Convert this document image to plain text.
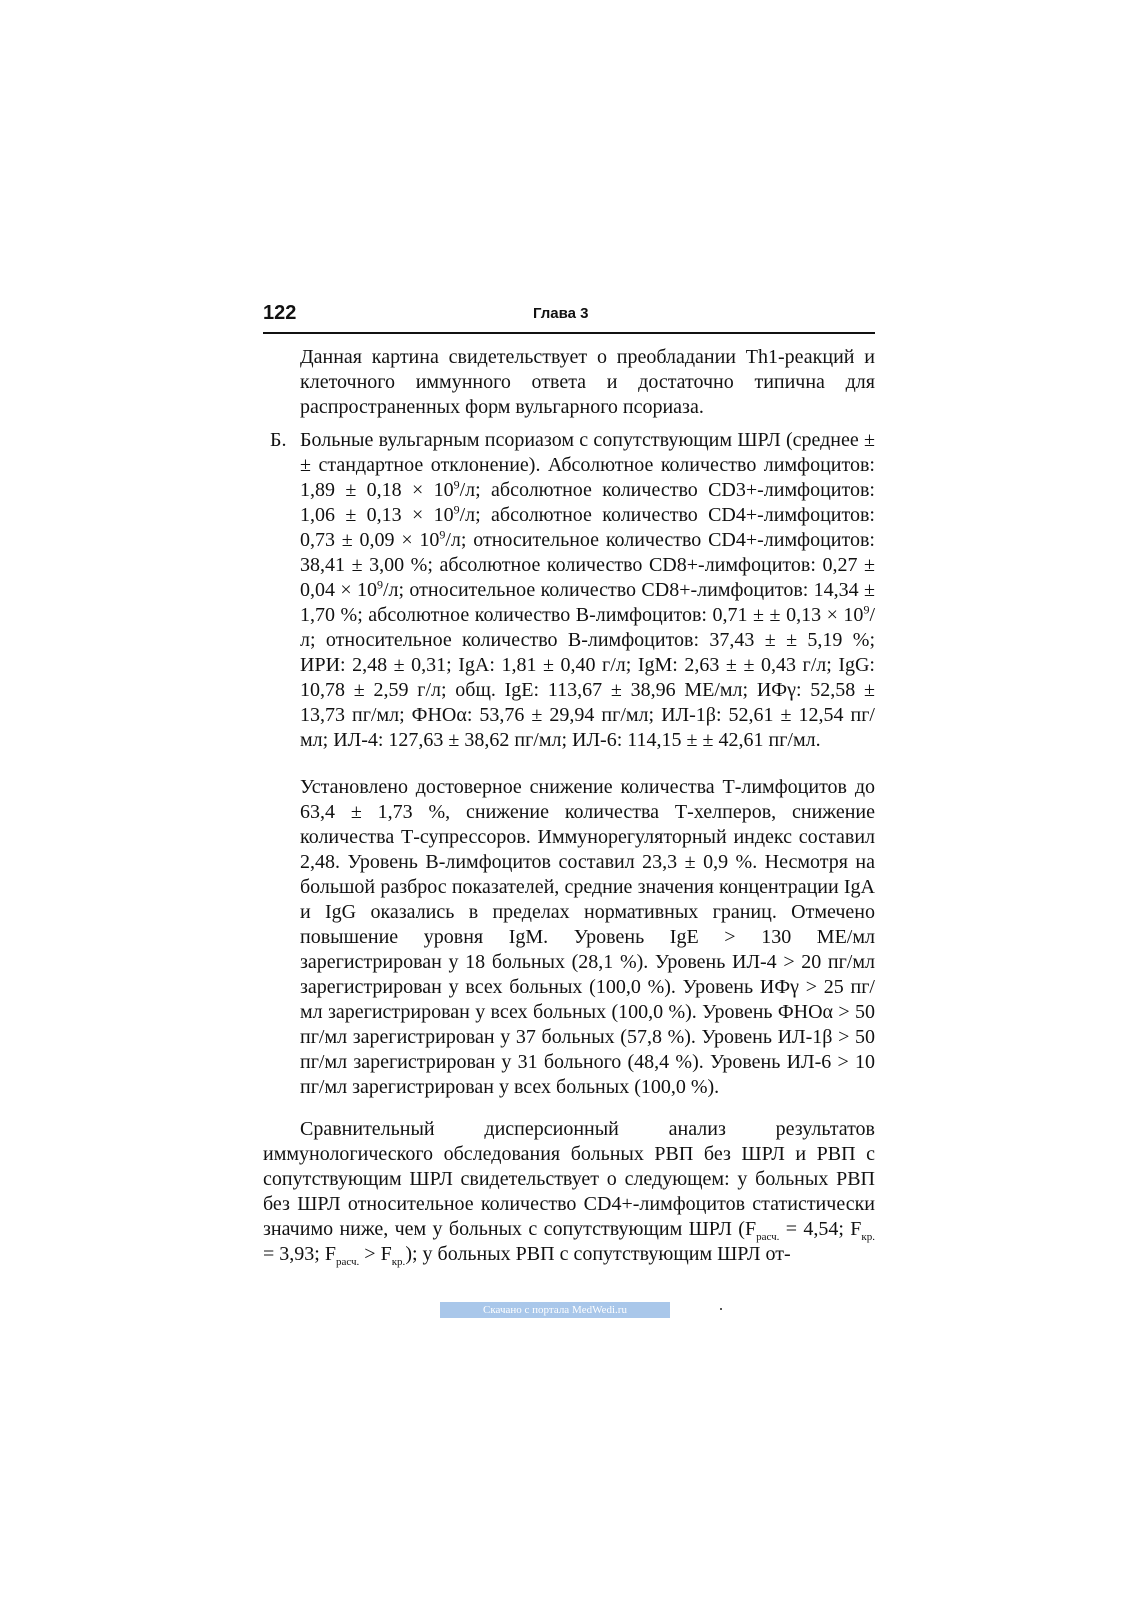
122	Глава 3

Данная картина свидетельствует о преобладании Th1-реакций и клеточного иммунного ответа и достаточно типична для распространенных форм вульгарного псориаза.

Б. Больные вульгарным псориазом с сопутствующим ШРЛ (среднее ± ± стандартное отклонение). Абсолютное количество лимфоцитов: $1,89 \pm 0,18 \times 10^9/л$; абсолютное количество CD3+-лимфоцитов: $1,06 \pm 0,13 \times 10^9/л$; абсолютное количество CD4+-лимфоцитов: $0,73 \pm 0,09 \times 10^9/л$; относительное количество CD4+-лимфоцитов: 38,41 ± 3,00 %; абсолютное количество CD8+-лимфоцитов: $0,27 \pm 0,04 \times 10^9/л$; относительное количество CD8+-лимфоцитов: 14,34 ± 1,70 %; абсолютное количество В-лимфоцитов: 0,71 ± ± $0,13 \times 10^9/л$; относительное количество В-лимфоцитов: 37,43 ± ± 5,19 %; ИРИ: 2,48 ± 0,31; IgA: 1,81 ± 0,40 г/л; IgM: 2,63 ± ± 0,43 г/л; IgG: 10,78 ± 2,59 г/л; общ. IgE: 113,67 ± 38,96 МЕ/мл; ИФγ: 52,58 ± 13,73 пг/мл; ФНОα: 53,76 ± 29,94 пг/мл; ИЛ-1β: 52,61 ± 12,54 пг/мл; ИЛ-4: 127,63 ± 38,62 пг/мл; ИЛ-6: 114,15 ± ± 42,61 пг/мл.

Установлено достоверное снижение количества Т-лимфоцитов до 63,4 ± 1,73 %, снижение количества Т-хелперов, снижение количества Т-супрессоров. Иммунорегуляторный индекс составил 2,48. Уровень В-лимфоцитов составил 23,3 ± 0,9 %. Несмотря на большой разброс показателей, средние значения концентрации IgA и IgG оказались в пределах нормативных границ. Отмечено повышение уровня IgM. Уровень IgE > 130 МЕ/мл зарегистрирован у 18 больных (28,1 %). Уровень ИЛ-4 > 20 пг/мл зарегистрирован у всех больных (100,0 %). Уровень ИФγ > 25 пг/мл зарегистрирован у всех больных (100,0 %). Уровень ФНОα > 50 пг/мл зарегистрирован у 37 больных (57,8 %). Уровень ИЛ-1β > 50 пг/мл зарегистрирован у 31 больного (48,4 %). Уровень ИЛ-6 > 10 пг/мл зарегистрирован у всех больных (100,0 %).

Сравнительный дисперсионный анализ результатов иммунологического обследования больных РВП без ШРЛ и РВП с сопутствующим ШРЛ свидетельствует о следующем: у больных РВП без ШРЛ относительное количество CD4+-лимфоцитов статистически значимо ниже, чем у больных с сопутствующим ШРЛ ($F_{расч.} = 4,54$; $F_{кр.} = 3,93$; $F_{расч.} > F_{кр.}$); у больных РВП с сопутствующим ШРЛ от-

Скачано с портала MedWedi.ru
